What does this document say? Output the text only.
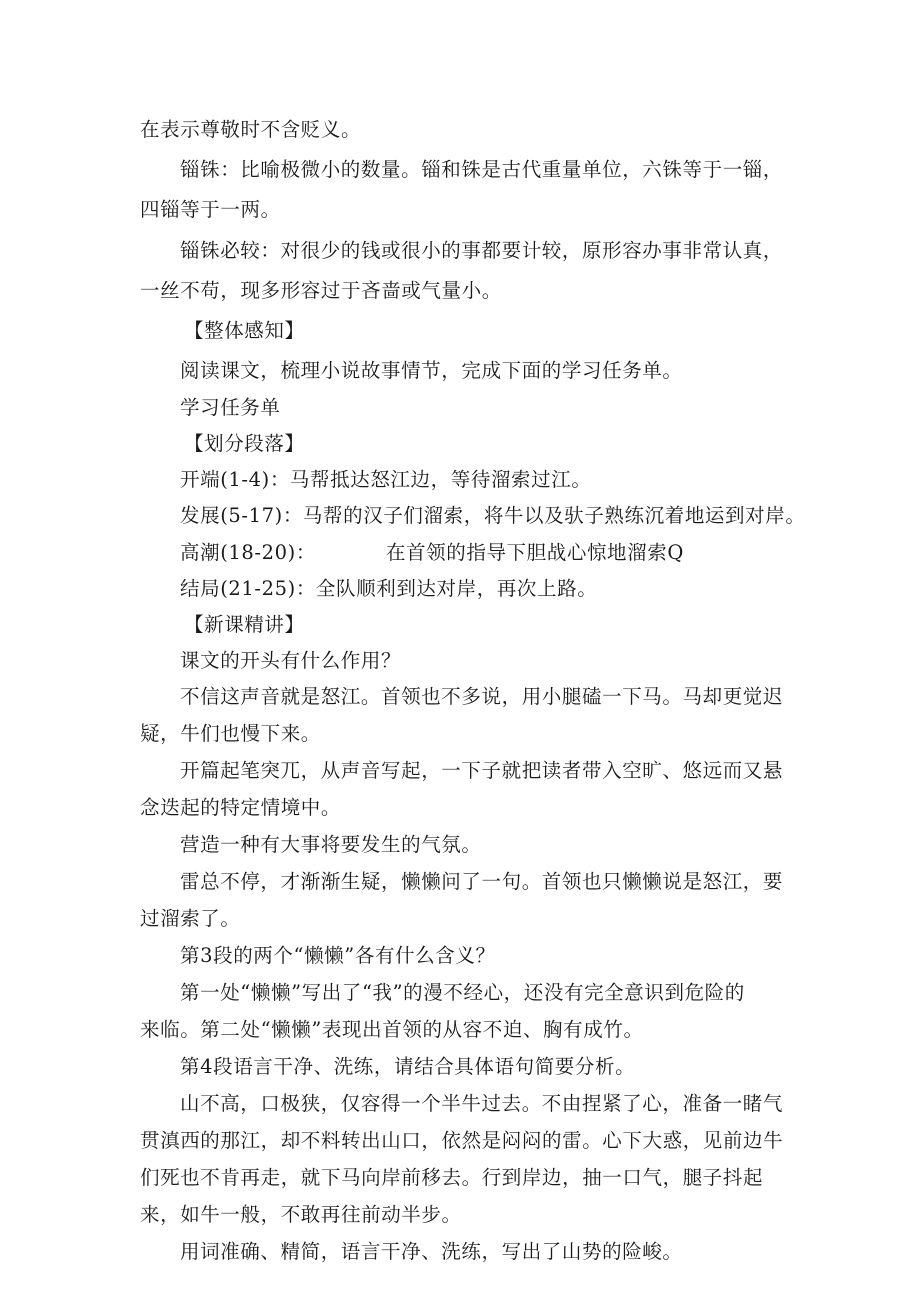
在表示尊敬时不含贬义。
锱铢：比喻极微小的数量。锱和铢是古代重量单位，六铢等于一锱，
四锱等于一两。
锱铢必较：对很少的钱或很小的事都要计较，原形容办事非常认真，
一丝不苟，现多形容过于吝啬或气量小。
【整体感知】
阅读课文，梳理小说故事情节，完成下面的学习任务单。
学习任务单
【划分段落】
开端(1-4)：马帮抵达怒江边，等待溜索过江。
发展(5-17)：马帮的汉子们溜索，将牛以及驮子熟练沉着地运到对岸。
高潮(18-20)：	在首领的指导下胆战心惊地溜索Q
结局(21-25)：全队顺利到达对岸，再次上路。
【新课精讲】
课文的开头有什么作用？
不信这声音就是怒江。首领也不多说，用小腿磕一下马。马却更觉迟
疑，牛们也慢下来。
开篇起笔突兀，从声音写起，一下子就把读者带入空旷、悠远而又悬
念迭起的特定情境中。
营造一种有大事将要发生的气氛。
雷总不停，才渐渐生疑，懒懒问了一句。首领也只懒懒说是怒江，要
过溜索了。
第3段的两个“懒懒”各有什么含义？
第一处“懒懒”写出了“我”的漫不经心，还没有完全意识到危险的
来临。第二处“懒懒”表现出首领的从容不迫、胸有成竹。
第4段语言干净、洗练，请结合具体语句简要分析。
山不高，口极狭，仅容得一个半牛过去。不由捏紧了心，准备一睹气
贯滇西的那江，却不料转出山口，依然是闷闷的雷。心下大惑，见前边牛
们死也不肯再走，就下马向岸前移去。行到岸边，抽一口气，腿子抖起
来，如牛一般，不敢再往前动半步。
用词准确、精简，语言干净、洗练，写出了山势的险峻。
